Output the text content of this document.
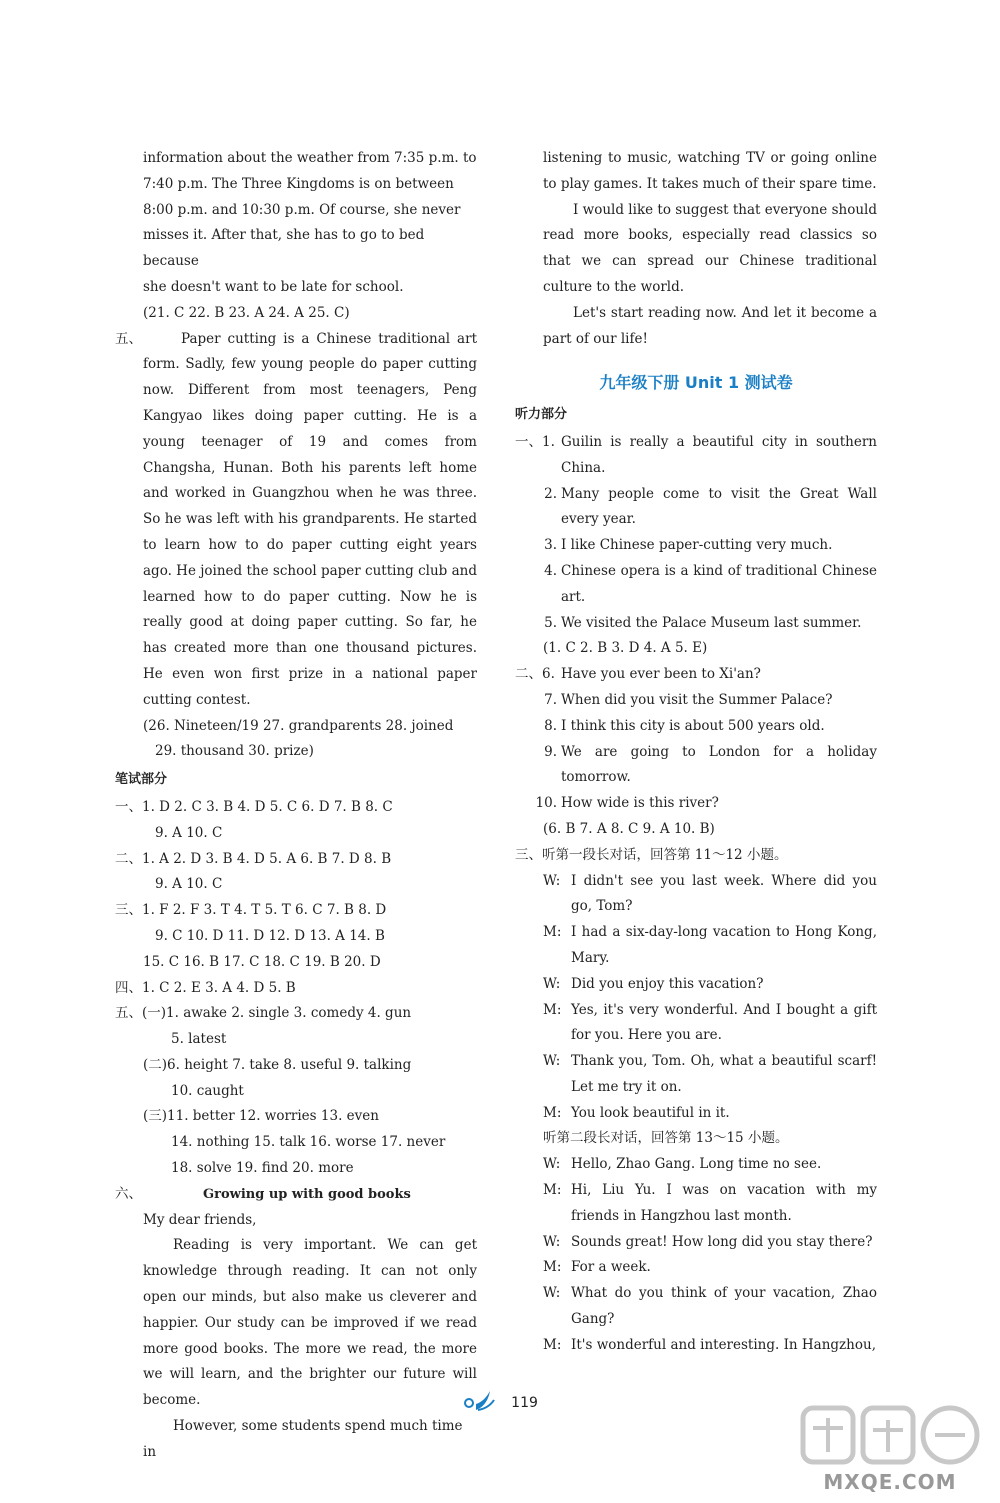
information about the weather from 7:35 p.m. to

7:40 p.m. The Three Kingdoms is on between

8:00 p.m. and 10:30 p.m. Of course, she never

misses it. After that, she has to go to bed because

she doesn't want to be late for school.

(21. C 22. B 23. A 24. A 25. C)

五、	Paper cutting is a Chinese traditional art form. Sadly, few young people do paper cutting now. Different from most teenagers, Peng Kangyao likes doing paper cutting. He is a young teenager of 19 and comes from Changsha, Hunan. Both his parents left home and worked in Guangzhou when he was three. So he was left with his grandparents. He started to learn how to do paper cutting eight years ago. He joined the school paper cutting club and learned how to do paper cutting. Now he is really good at doing paper cutting. So far, he has created more than one thousand pictures. He even won first prize in a national paper cutting contest.

(26. Nineteen/19 27. grandparents 28. joined

29. thousand 30. prize)

笔试部分

一、1. D 2. C 3. B 4. D 5. C 6. D 7. B 8. C

9. A 10. C

二、1. A 2. D 3. B 4. D 5. A 6. B 7. D 8. B

9. A 10. C

三、1. F 2. F 3. T 4. T 5. T 6. C 7. B 8. D

9. C 10. D 11. D 12. D 13. A 14. B

15. C 16. B 17. C 18. C 19. B 20. D

四、1. C 2. E 3. A 4. D 5. B

五、(一)1. awake 2. single 3. comedy 4. gun

5. latest

(二)6. height 7. take 8. useful 9. talking

10. caught

(三)11. better 12. worries 13. even

14. nothing 15. talk 16. worse 17. never

18. solve 19. find 20. more

六、	Growing up with good books

My dear friends,

Reading is very important. We can get knowledge through reading. It can not only open our minds, but also make us cleverer and happier. Our study can be improved if we read more good books. The more we read, the more we will learn, and the brighter our future will become.

However, some students spend much time in

listening to music, watching TV or going online to play games. It takes much of their spare time.

I would like to suggest that everyone should read more books, especially read classics so that we can spread our Chinese traditional culture to the world.

Let's start reading now. And let it become a part of our life!

九年级下册 Unit 1 测试卷
听力部分
一、1. Guilin is really a beautiful city in southern China.
2. Many people come to visit the Great Wall every year.
3. I like Chinese paper-cutting very much.
4. Chinese opera is a kind of traditional Chinese art.
5. We visited the Palace Museum last summer.

(1. C 2. B 3. D 4. A 5. E)

二、6. Have you ever been to Xi'an?
7. When did you visit the Summer Palace?
8. I think this city is about 500 years old.
9. We are going to London for a holiday tomorrow.
10. How wide is this river?

(6. B 7. A 8. C 9. A 10. B)

三、听第一段长对话，回答第 11～12 小题。

W: I didn't see you last week. Where did you go, Tom?
M: I had a six-day-long vacation to Hong Kong, Mary.
W: Did you enjoy this vacation?
M: Yes, it's very wonderful. And I bought a gift for you. Here you are.
W: Thank you, Tom. Oh, what a beautiful scarf! Let me try it on.
M: You look beautiful in it.

听第二段长对话，回答第 13～15 小题。

W: Hello, Zhao Gang. Long time no see.
M: Hi, Liu Yu. I was on vacation with my friends in Hangzhou last month.
W: Sounds great! How long did you stay there?
M: For a week.
W: What do you think of your vacation, Zhao Gang?
M: It's wonderful and interesting. In Hangzhou,
119
MXQE.COM
